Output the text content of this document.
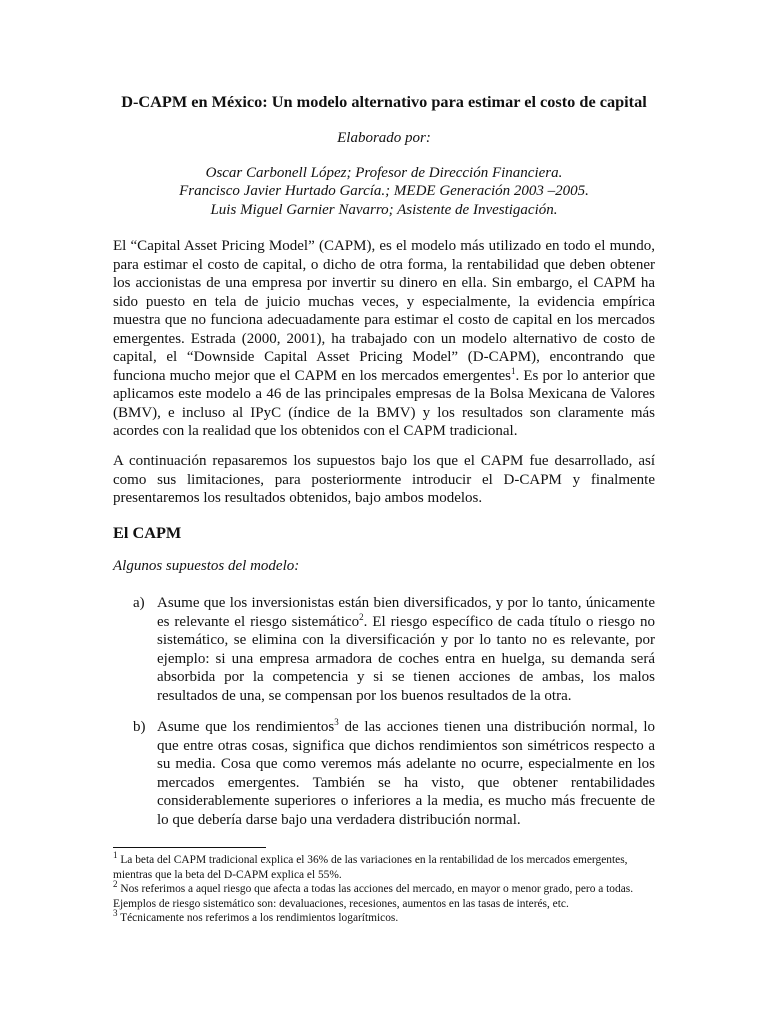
D-CAPM en México: Un modelo alternativo para estimar el costo de capital
Elaborado por:
Oscar Carbonell López; Profesor de Dirección Financiera.
Francisco Javier Hurtado García.; MEDE Generación 2003 –2005.
Luis Miguel Garnier Navarro; Asistente de Investigación.

El “Capital Asset Pricing Model” (CAPM), es el modelo más utilizado en todo el mundo, para estimar el costo de capital, o dicho de otra forma, la rentabilidad que deben obtener los accionistas de una empresa por invertir su dinero en ella. Sin embargo, el CAPM ha sido puesto en tela de juicio muchas veces, y especialmente, la evidencia empírica muestra que no funciona adecuadamente para estimar el costo de capital en los mercados emergentes. Estrada (2000, 2001), ha trabajado con un modelo alternativo de costo de capital, el “Downside Capital Asset Pricing Model” (D-CAPM), encontrando que funciona mucho mejor que el CAPM en los mercados emergentes$^1$. Es por lo anterior que aplicamos este modelo a 46 de las principales empresas de la Bolsa Mexicana de Valores (BMV), e incluso al IPyC (índice de la BMV) y los resultados son claramente más acordes con la realidad que los obtenidos con el CAPM tradicional.

A continuación repasaremos los supuestos bajo los que el CAPM fue desarrollado, así como sus limitaciones, para posteriormente introducir el D-CAPM y finalmente presentaremos los resultados obtenidos, bajo ambos modelos.

El CAPM
Algunos supuestos del modelo:
a) Asume que los inversionistas están bien diversificados, y por lo tanto, únicamente es relevante el riesgo sistemático$^2$. El riesgo específico de cada título o riesgo no sistemático, se elimina con la diversificación y por lo tanto no es relevante, por ejemplo: si una empresa armadora de coches entra en huelga, su demanda será absorbida por la competencia y si se tienen acciones de ambas, los malos resultados de una, se compensan por los buenos resultados de la otra.
b) Asume que los rendimientos$^3$ de las acciones tienen una distribución normal, lo que entre otras cosas, significa que dichos rendimientos son simétricos respecto a su media. Cosa que como veremos más adelante no ocurre, especialmente en los mercados emergentes. También se ha visto, que obtener rentabilidades considerablemente superiores o inferiores a la media, es mucho más frecuente de lo que debería darse bajo una verdadera distribución normal.

$^1$ La beta del CAPM tradicional explica el 36% de las variaciones en la rentabilidad de los mercados emergentes, mientras que la beta del D-CAPM explica el 55%.

$^2$ Nos referimos a aquel riesgo que afecta a todas las acciones del mercado, en mayor o menor grado, pero a todas. Ejemplos de riesgo sistemático son: devaluaciones, recesiones, aumentos en las tasas de interés, etc.

$^3$ Técnicamente nos referimos a los rendimientos logarítmicos.
